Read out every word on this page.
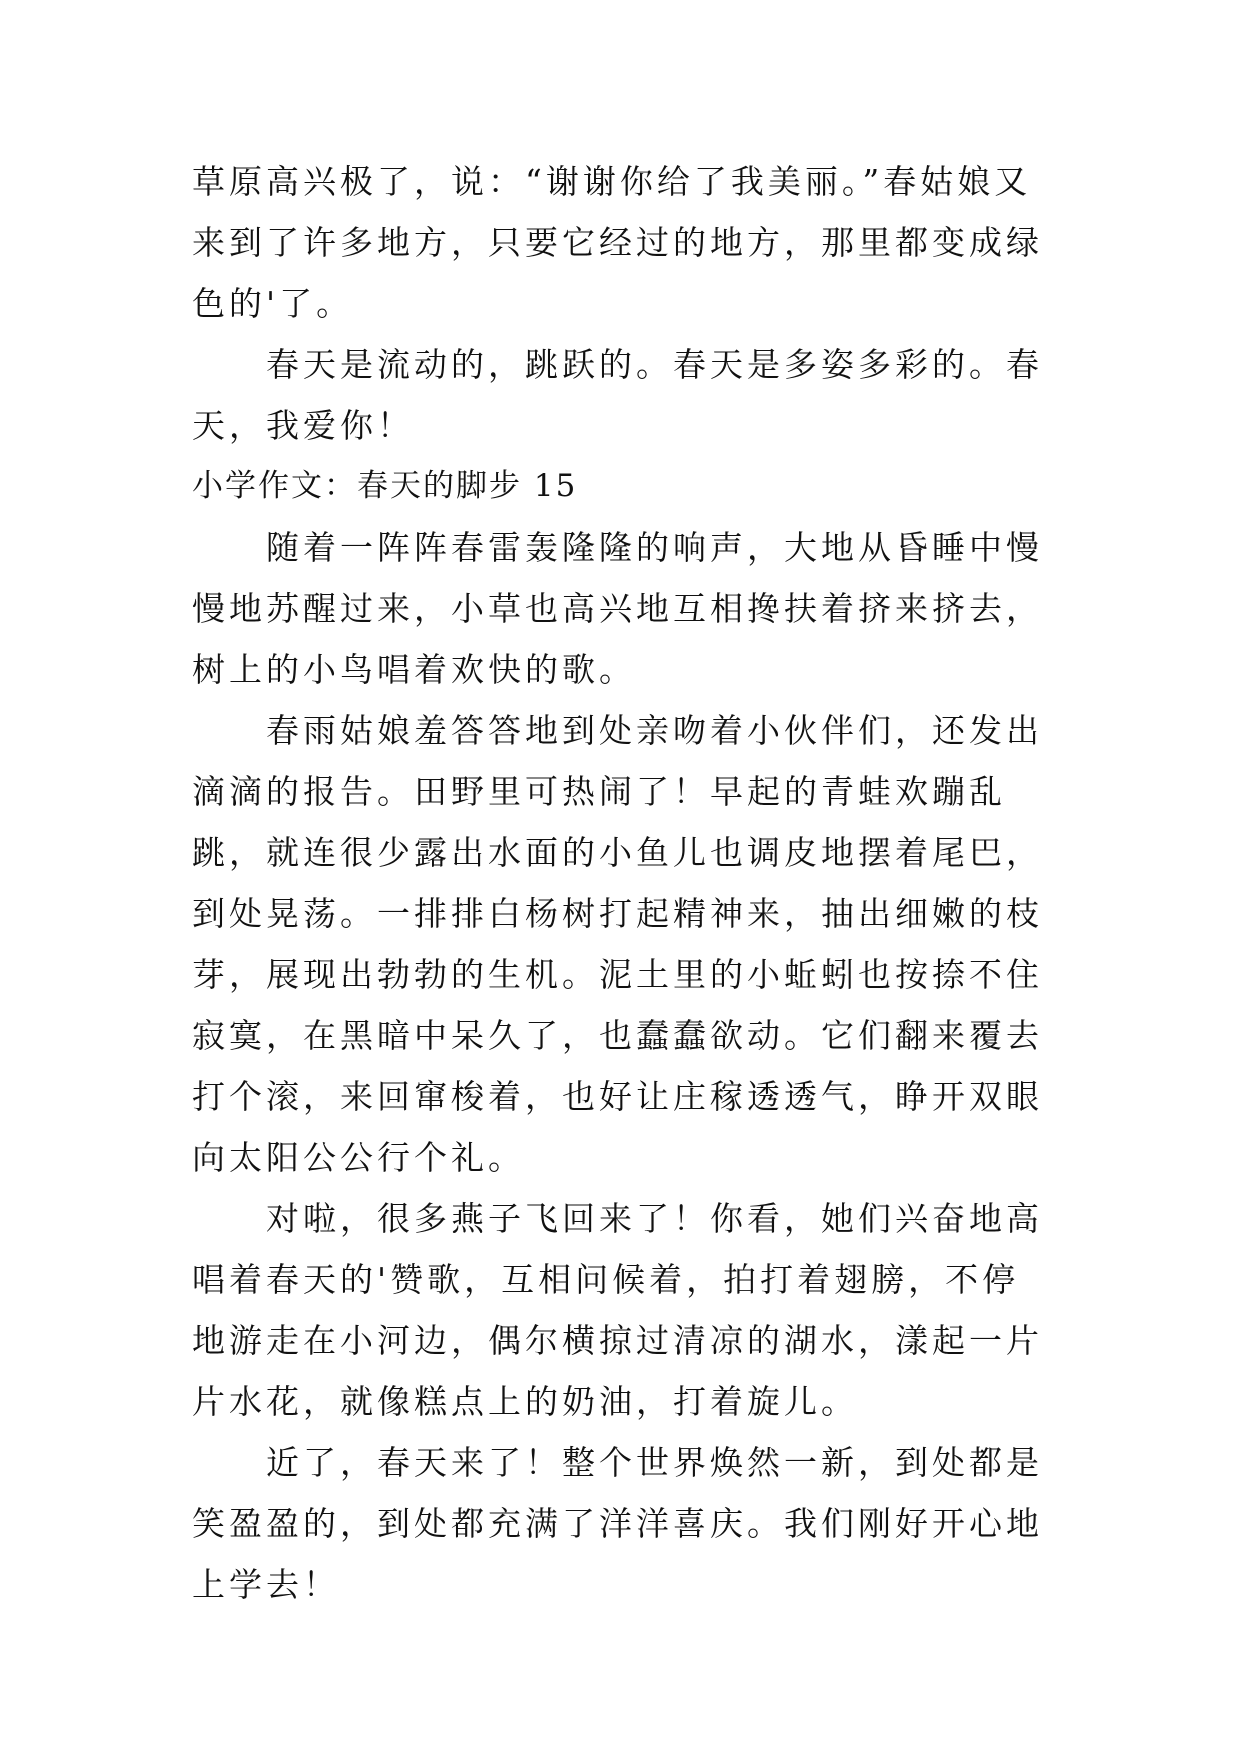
草原高兴极了，说：“谢谢你给了我美丽。”春姑娘又来到了许多地方，只要它经过的地方，那里都变成绿色的'了。

春天是流动的，跳跃的。春天是多姿多彩的。春天，我爱你！

小学作文：春天的脚步 15

随着一阵阵春雷轰隆隆的响声，大地从昏睡中慢慢地苏醒过来，小草也高兴地互相搀扶着挤来挤去，树上的小鸟唱着欢快的歌。

春雨姑娘羞答答地到处亲吻着小伙伴们，还发出滴滴的报告。田野里可热闹了！早起的青蛙欢蹦乱跳，就连很少露出水面的小鱼儿也调皮地摆着尾巴，到处晃荡。一排排白杨树打起精神来，抽出细嫩的枝芽，展现出勃勃的生机。泥土里的小蚯蚓也按捺不住寂寞，在黑暗中呆久了，也蠢蠢欲动。它们翻来覆去打个滚，来回窜梭着，也好让庄稼透透气，睁开双眼向太阳公公行个礼。

对啦，很多燕子飞回来了！你看，她们兴奋地高唱着春天的'赞歌，互相问候着，拍打着翅膀，不停地游走在小河边，偶尔横掠过清凉的湖水，漾起一片片水花，就像糕点上的奶油，打着旋儿。

近了，春天来了！整个世界焕然一新，到处都是笑盈盈的，到处都充满了洋洋喜庆。我们刚好开心地上学去！
